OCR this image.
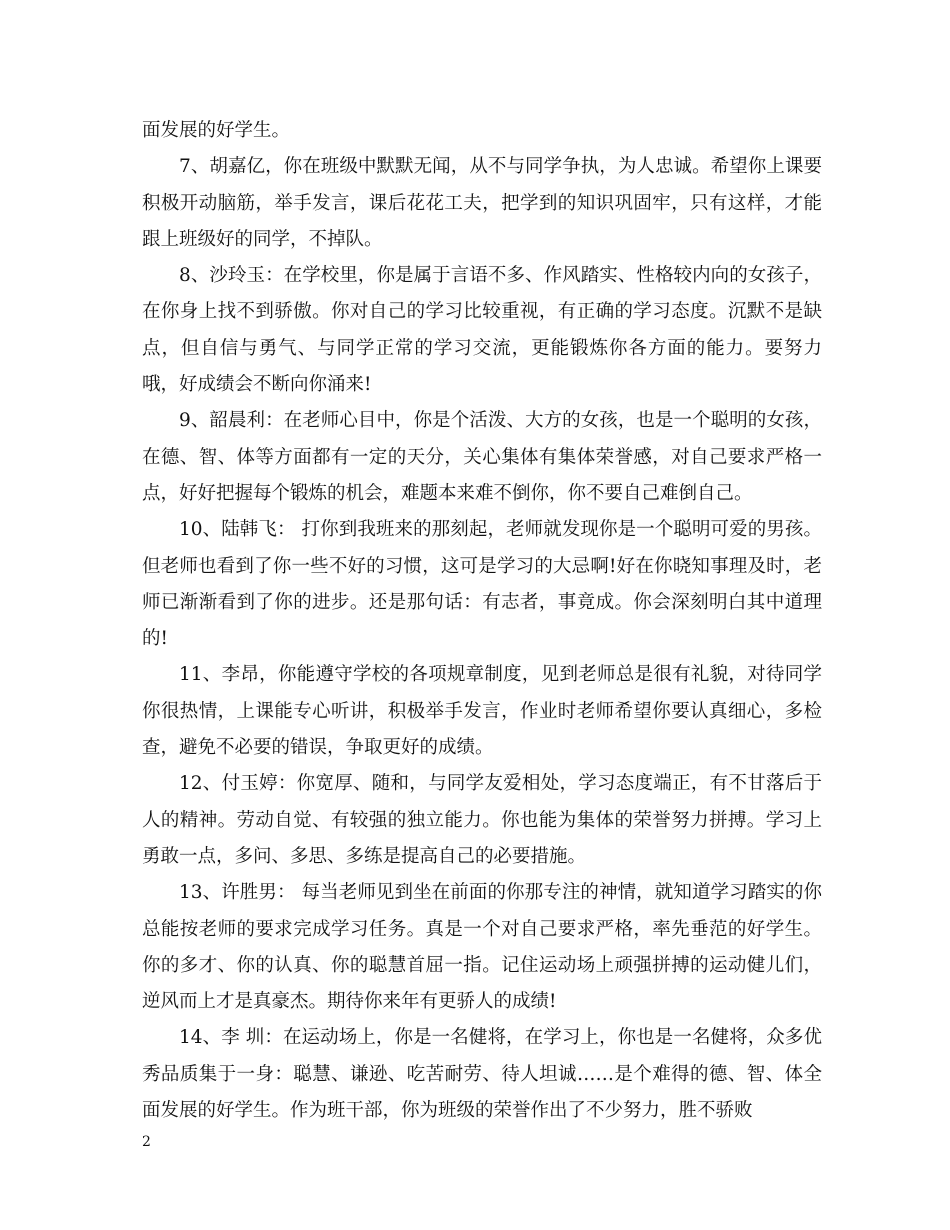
面发展的好学生。

7、胡嘉亿，你在班级中默默无闻，从不与同学争执，为人忠诚。希望你上课要积极开动脑筋，举手发言，课后花花工夫，把学到的知识巩固牢，只有这样，才能跟上班级好的同学，不掉队。

8、沙玲玉：在学校里，你是属于言语不多、作风踏实、性格较内向的女孩子，在你身上找不到骄傲。你对自己的学习比较重视，有正确的学习态度。沉默不是缺点，但自信与勇气、与同学正常的学习交流，更能锻炼你各方面的能力。要努力哦，好成绩会不断向你涌来!

9、韶晨利：在老师心目中，你是个活泼、大方的女孩，也是一个聪明的女孩，在德、智、体等方面都有一定的天分，关心集体有集体荣誉感，对自己要求严格一点，好好把握每个锻炼的机会，难题本来难不倒你，你不要自己难倒自己。

10、陆韩飞： 打你到我班来的那刻起，老师就发现你是一个聪明可爱的男孩。但老师也看到了你一些不好的习惯，这可是学习的大忌啊!好在你晓知事理及时，老师已渐渐看到了你的进步。还是那句话：有志者，事竟成。你会深刻明白其中道理的!

11、李昂，你能遵守学校的各项规章制度，见到老师总是很有礼貌，对待同学你很热情，上课能专心听讲，积极举手发言，作业时老师希望你要认真细心，多检查，避免不必要的错误，争取更好的成绩。

12、付玉婷：你宽厚、随和，与同学友爱相处，学习态度端正，有不甘落后于人的精神。劳动自觉、有较强的独立能力。你也能为集体的荣誉努力拼搏。学习上勇敢一点，多问、多思、多练是提高自己的必要措施。

13、许胜男： 每当老师见到坐在前面的你那专注的神情，就知道学习踏实的你总能按老师的要求完成学习任务。真是一个对自己要求严格，率先垂范的好学生。你的多才、你的认真、你的聪慧首屈一指。记住运动场上顽强拼搏的运动健儿们，逆风而上才是真豪杰。期待你来年有更骄人的成绩!

14、李 圳：在运动场上，你是一名健将，在学习上，你也是一名健将，众多优秀品质集于一身：聪慧、谦逊、吃苦耐劳、待人坦诚……是个难得的德、智、体全面发展的好学生。作为班干部，你为班级的荣誉作出了不少努力，胜不骄败

2
